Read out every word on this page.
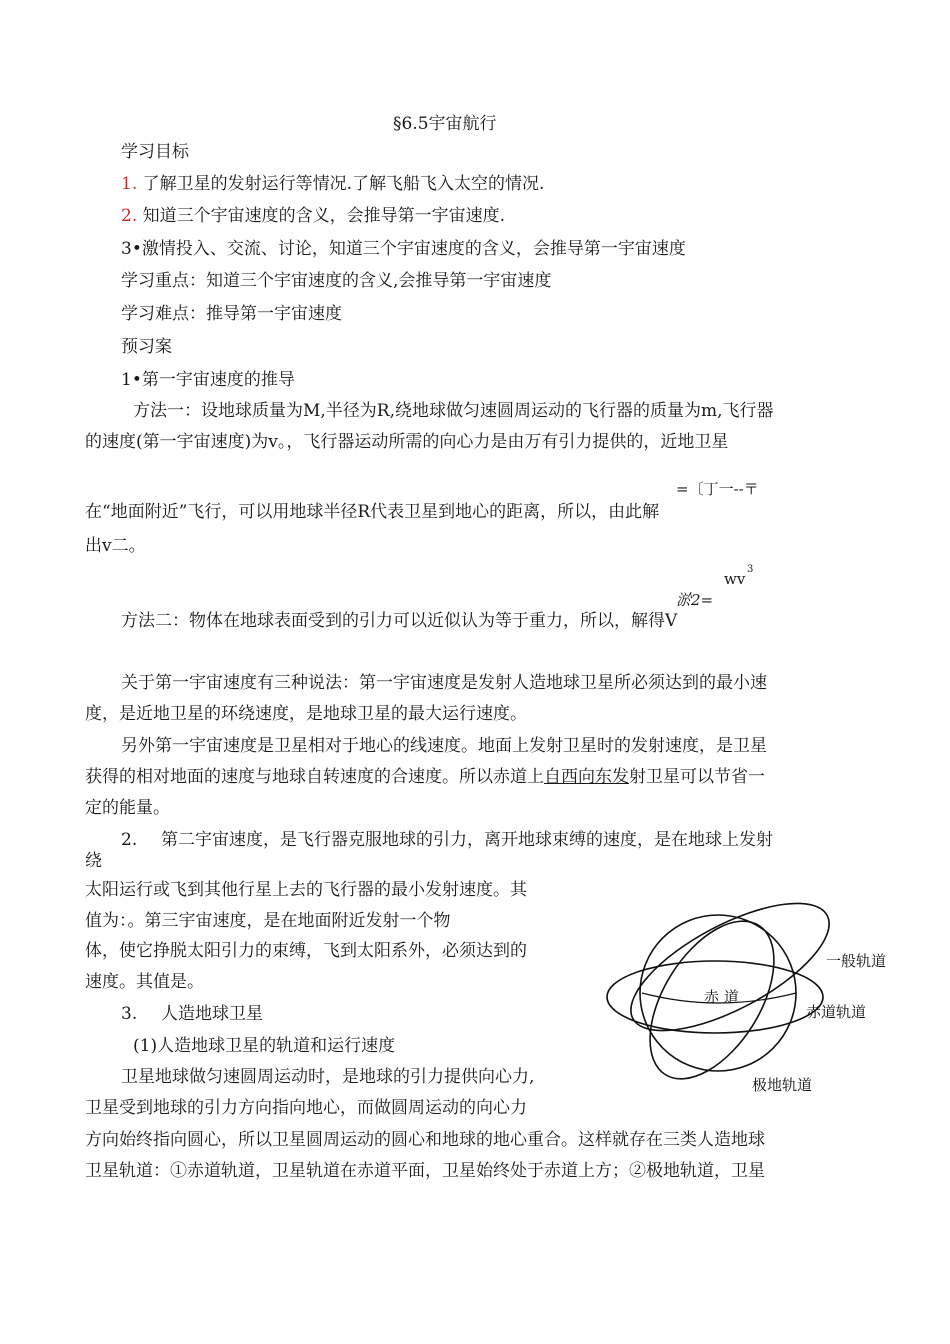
§6.5宇宙航行
学习目标
1. 了解卫星的发射运行等情况.了解飞船飞入太空的情况.
2. 知道三个宇宙速度的含义，会推导第一宇宙速度.
3•激情投入、交流、讨论，知道三个宇宙速度的含义，会推导第一宇宙速度
学习重点：知道三个宇宙速度的含义,会推导第一宇宙速度
学习难点：推导第一宇宙速度
预习案
1•第一宇宙速度的推导
方法一：设地球质量为M,半径为R,绕地球做匀速圆周运动的飞行器的质量为m,飞行器
的速度(第一宇宙速度)为v。，飞行器运动所需的向心力是由万有引力提供的，近地卫星
=〔丁一--〒
在“地面附近”飞行，可以用地球半径R代表卫星到地心的距离，所以，由此解
出v二。
wv
3
淤2=
方法二：物体在地球表面受到的引力可以近似认为等于重力，所以，解得V
关于第一宇宙速度有三种说法：第一宇宙速度是发射人造地球卫星所必须达到的最小速
度，是近地卫星的环绕速度，是地球卫星的最大运行速度。
另外第一宇宙速度是卫星相对于地心的线速度。地面上发射卫星时的发射速度，是卫星
获得的相对地面的速度与地球自转速度的合速度。所以赤道上自西向东发射卫星可以节省一
定的能量。
2. 第二宇宙速度，是飞行器克服地球的引力，离开地球束缚的速度，是在地球上发射
绕
太阳运行或飞到其他行星上去的飞行器的最小发射速度。其
值为：。第三宇宙速度，是在地面附近发射一个物
体，使它挣脱太阳引力的束缚，飞到太阳系外，必须达到的
速度。其值是。
3. 人造地球卫星
(1)人造地球卫星的轨道和运行速度
卫星地球做匀速圆周运动时，是地球的引力提供向心力,
卫星受到地球的引力方向指向地心，而做圆周运动的向心力
方向始终指向圆心，所以卫星圆周运动的圆心和地球的地心重合。这样就存在三类人造地球
卫星轨道：①赤道轨道，卫星轨道在赤道平面，卫星始终处于赤道上方；②极地轨道，卫星
赤 道
一般轨道
赤道轨道
极地轨道
